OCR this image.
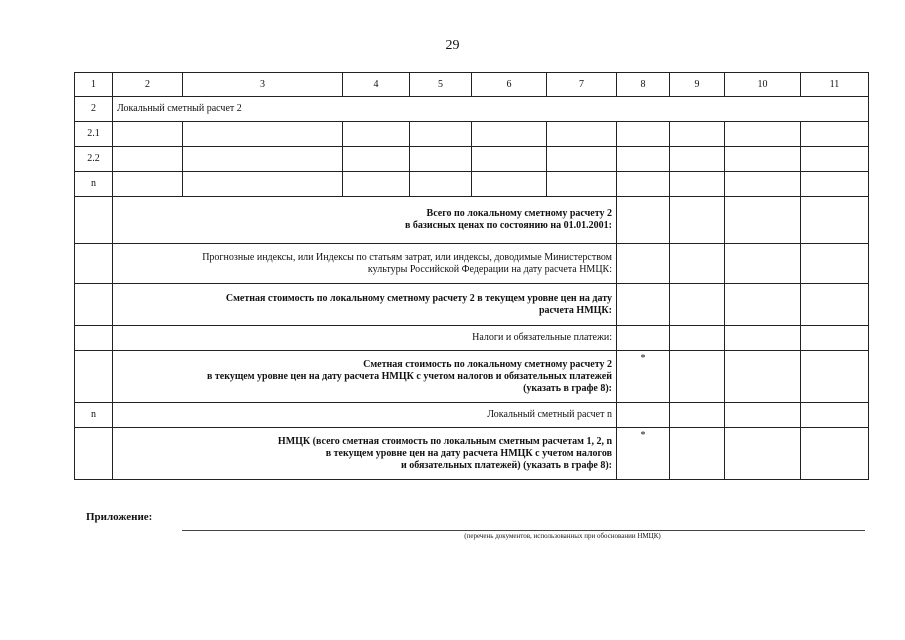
29
1	2	3	4	5	6	7	8	9	10	11
2	Локальный сметный расчет 2									
2.1										
2.2										
n										
	Всего по локальному сметному расчету 2
в базисных ценах по состоянию на 01.01.2001:									
	Прогнозные индексы, или Индексы по статьям затрат, или индексы, доводимые Министерством
культуры Российской Федерации на дату расчета НМЦК:									
	Сметная стоимость по локальному сметному расчету 2 в текущем уровне цен на дату
расчета НМЦК:									
	Налоги и обязательные платежи:									
	Сметная стоимость по локальному сметному расчету 2
в текущем уровне цен на дату расчета НМЦК с учетом налогов и обязательных платежей
(указать в графе 8):						*			
n	Локальный сметный расчет n									
	НМЦК (всего сметная стоимость по локальным сметным расчетам 1, 2, n
в текущем уровне цен на дату расчета НМЦК с учетом налогов
и обязательных платежей) (указать в графе 8):						*			
Приложение:
(перечень документов, использованных при обосновании НМЦК)
